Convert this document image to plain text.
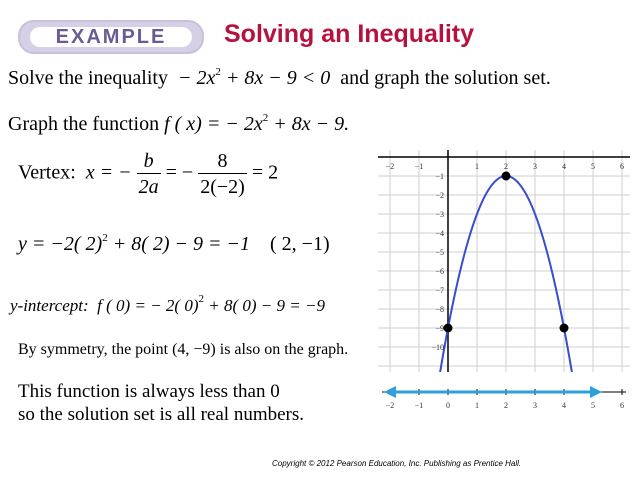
EXAMPLE	Solving an Inequality
Solve the inequality − $2x^2 + 8x - 9 < 0$ and graph the solution set.
Graph the function f ( x) = − $2x^2 + 8x - 9$.
Vertex: x = − $\frac{b}{2a}$ = − $\frac{8}{2(-2)} = 2$
y = −2( 2)$^2$ + 8( 2) − 9 = −1 ( 2, −1)
y-intercept: f ( 0) = − 2( 0)$^2$ + 8( 0) − 9 = −9
By symmetry, the point (4, −9) is also on the graph.
This function is always less than 0
so the solution set is all real numbers.
−2	−1	1	2	3	4	5	6
−1
−2
−3
−4
−5
−6
−7
−8
−9
−10
−2	−1	0	1	2	3	4	5	6
Copyright © 2012 Pearson Education, Inc. Publishing as Prentice Hall.
